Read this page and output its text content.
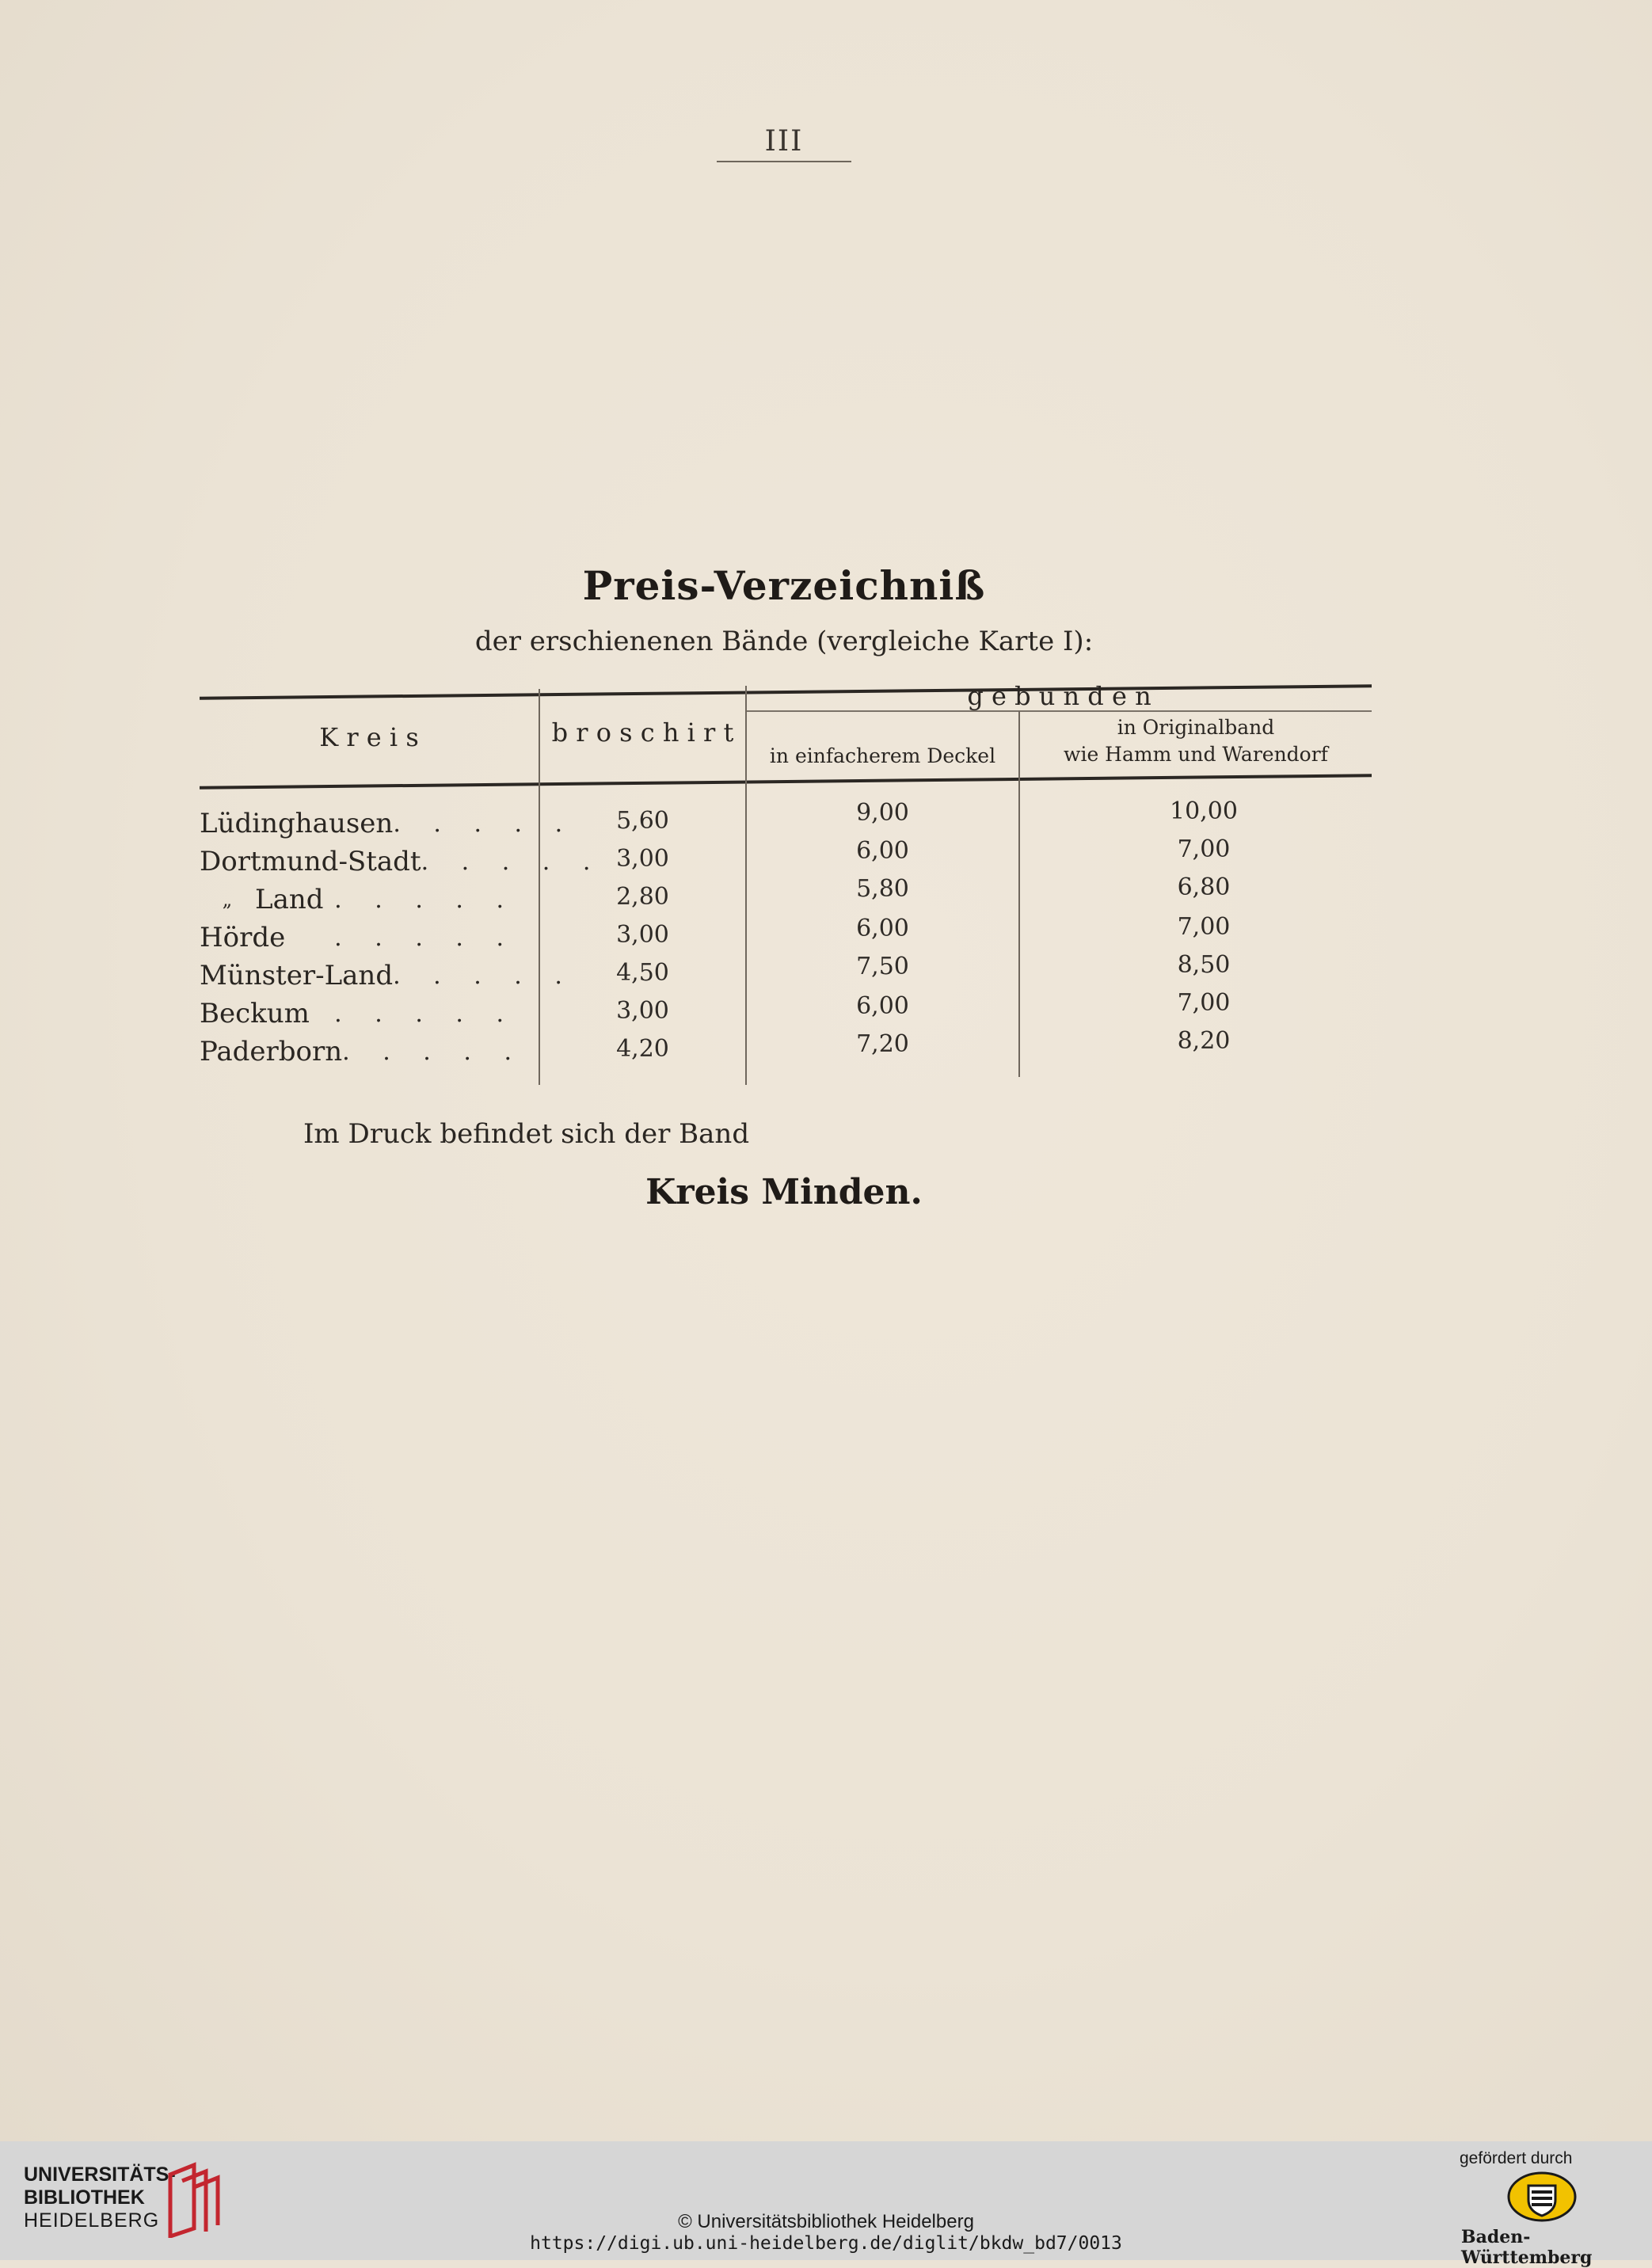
III
Preis-Verzeichniß
der erschienenen Bände (vergleiche Karte I):
K r e i s	b r o s c h i r t
g e b u n d e n
in einfacherem Deckel
in Originalband
wie Hamm und Warendorf
Lüdinghausen . . . . .
Dortmund-Stadt . . . . .
„ Land . . . . .
Hörde . . . . .
Münster-Land . . . . .
Beckum . . . . .
Paderborn . . . . .
5,60
3,00
2,80
3,00
4,50
3,00
4,20
9,00
6,00
5,80
6,00
7,50
6,00
7,20
10,00
7,00
6,80
7,00
8,50
7,00
8,20
Im Druck befindet sich der Band
Kreis Minden.
UNIVERSITÄTS-
BIBLIOTHEK
HEIDELBERG	© Universitätsbibliothek Heidelberg
https://digi.ub.uni-heidelberg.de/diglit/bkdw_bd7/0013
gefördert durch
Baden-Württemberg
